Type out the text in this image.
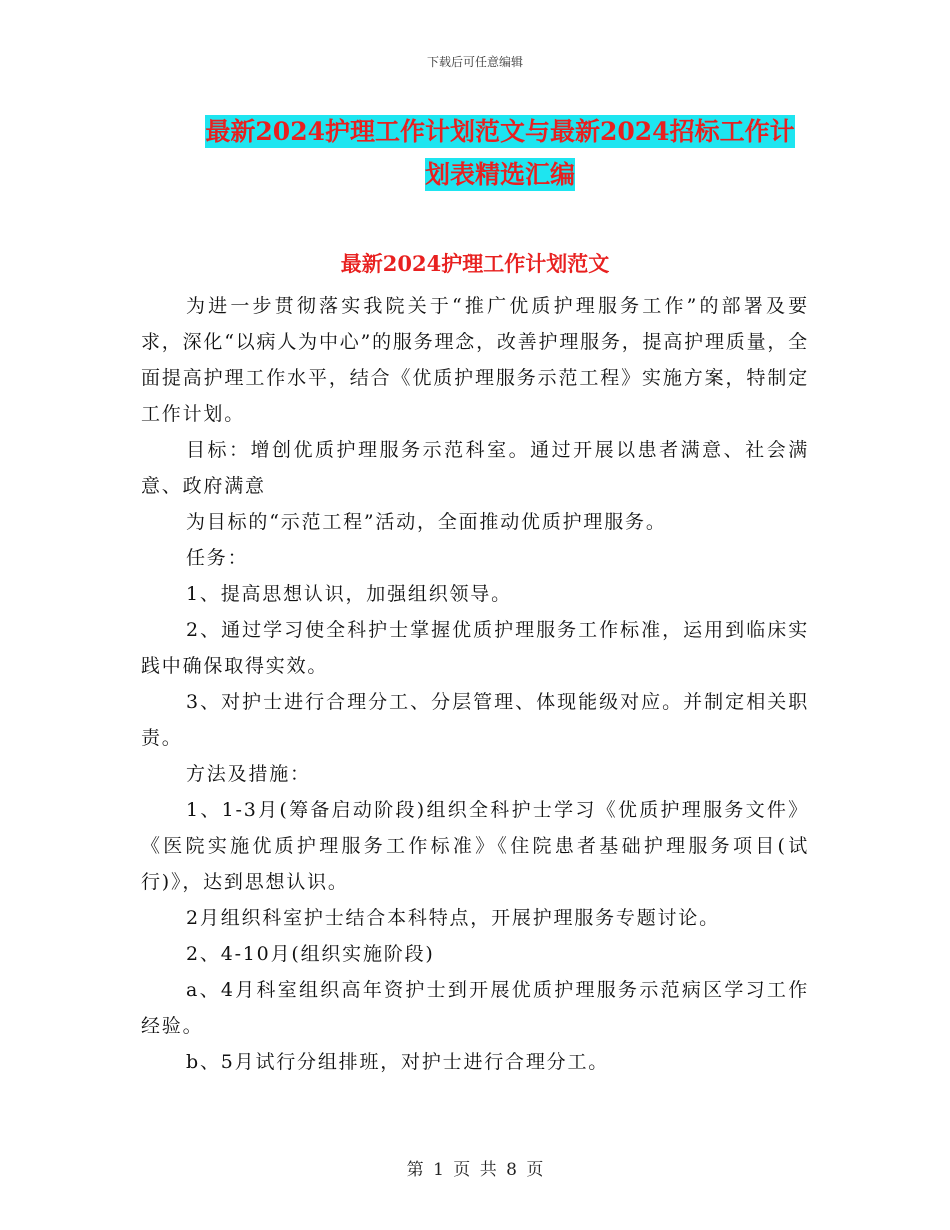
下载后可任意编辑
最新2024护理工作计划范文与最新2024招标工作计
划表精选汇编
最新2024护理工作计划范文

为进一步贯彻落实我院关于“推广优质护理服务工作”的部署及要求，深化“以病人为中心”的服务理念，改善护理服务，提高护理质量，全面提高护理工作水平，结合《优质护理服务示范工程》实施方案，特制定工作计划。

目标：增创优质护理服务示范科室。通过开展以患者满意、社会满意、政府满意

为目标的“示范工程”活动，全面推动优质护理服务。

任务：

1、提高思想认识，加强组织领导。

2、通过学习使全科护士掌握优质护理服务工作标准，运用到临床实践中确保取得实效。

3、对护士进行合理分工、分层管理、体现能级对应。并制定相关职责。

方法及措施：

1、1-3月(筹备启动阶段)组织全科护士学习《优质护理服务文件》《医院实施优质护理服务工作标准》《住院患者基础护理服务项目(试行)》，达到思想认识。

2月组织科室护士结合本科特点，开展护理服务专题讨论。

2、4-10月(组织实施阶段)

a、4月科室组织高年资护士到开展优质护理服务示范病区学习工作经验。

b、5月试行分组排班，对护士进行合理分工。

第 1 页 共 8 页
